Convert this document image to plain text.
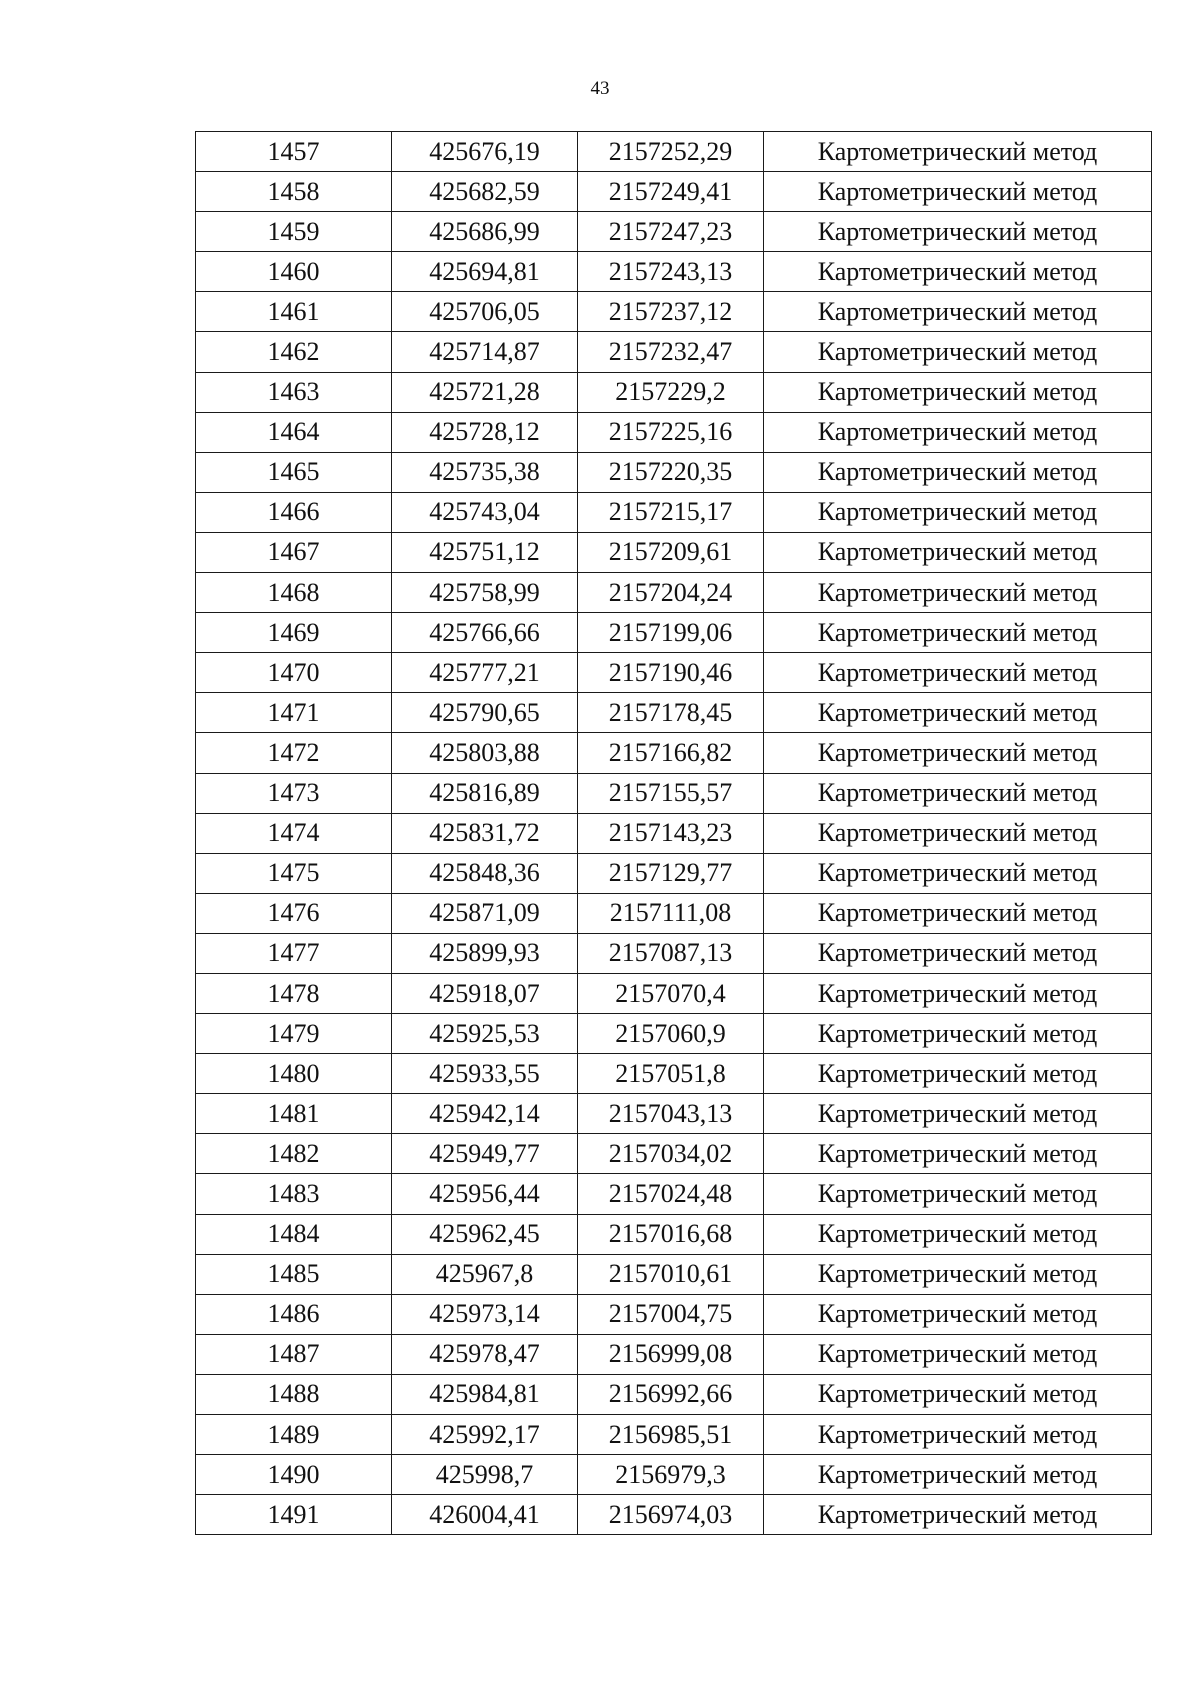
43
1457	425676,19	2157252,29	Картометрический метод
1458	425682,59	2157249,41	Картометрический метод
1459	425686,99	2157247,23	Картометрический метод
1460	425694,81	2157243,13	Картометрический метод
1461	425706,05	2157237,12	Картометрический метод
1462	425714,87	2157232,47	Картометрический метод
1463	425721,28	2157229,2	Картометрический метод
1464	425728,12	2157225,16	Картометрический метод
1465	425735,38	2157220,35	Картометрический метод
1466	425743,04	2157215,17	Картометрический метод
1467	425751,12	2157209,61	Картометрический метод
1468	425758,99	2157204,24	Картометрический метод
1469	425766,66	2157199,06	Картометрический метод
1470	425777,21	2157190,46	Картометрический метод
1471	425790,65	2157178,45	Картометрический метод
1472	425803,88	2157166,82	Картометрический метод
1473	425816,89	2157155,57	Картометрический метод
1474	425831,72	2157143,23	Картометрический метод
1475	425848,36	2157129,77	Картометрический метод
1476	425871,09	2157111,08	Картометрический метод
1477	425899,93	2157087,13	Картометрический метод
1478	425918,07	2157070,4	Картометрический метод
1479	425925,53	2157060,9	Картометрический метод
1480	425933,55	2157051,8	Картометрический метод
1481	425942,14	2157043,13	Картометрический метод
1482	425949,77	2157034,02	Картометрический метод
1483	425956,44	2157024,48	Картометрический метод
1484	425962,45	2157016,68	Картометрический метод
1485	425967,8	2157010,61	Картометрический метод
1486	425973,14	2157004,75	Картометрический метод
1487	425978,47	2156999,08	Картометрический метод
1488	425984,81	2156992,66	Картометрический метод
1489	425992,17	2156985,51	Картометрический метод
1490	425998,7	2156979,3	Картометрический метод
1491	426004,41	2156974,03	Картометрический метод
